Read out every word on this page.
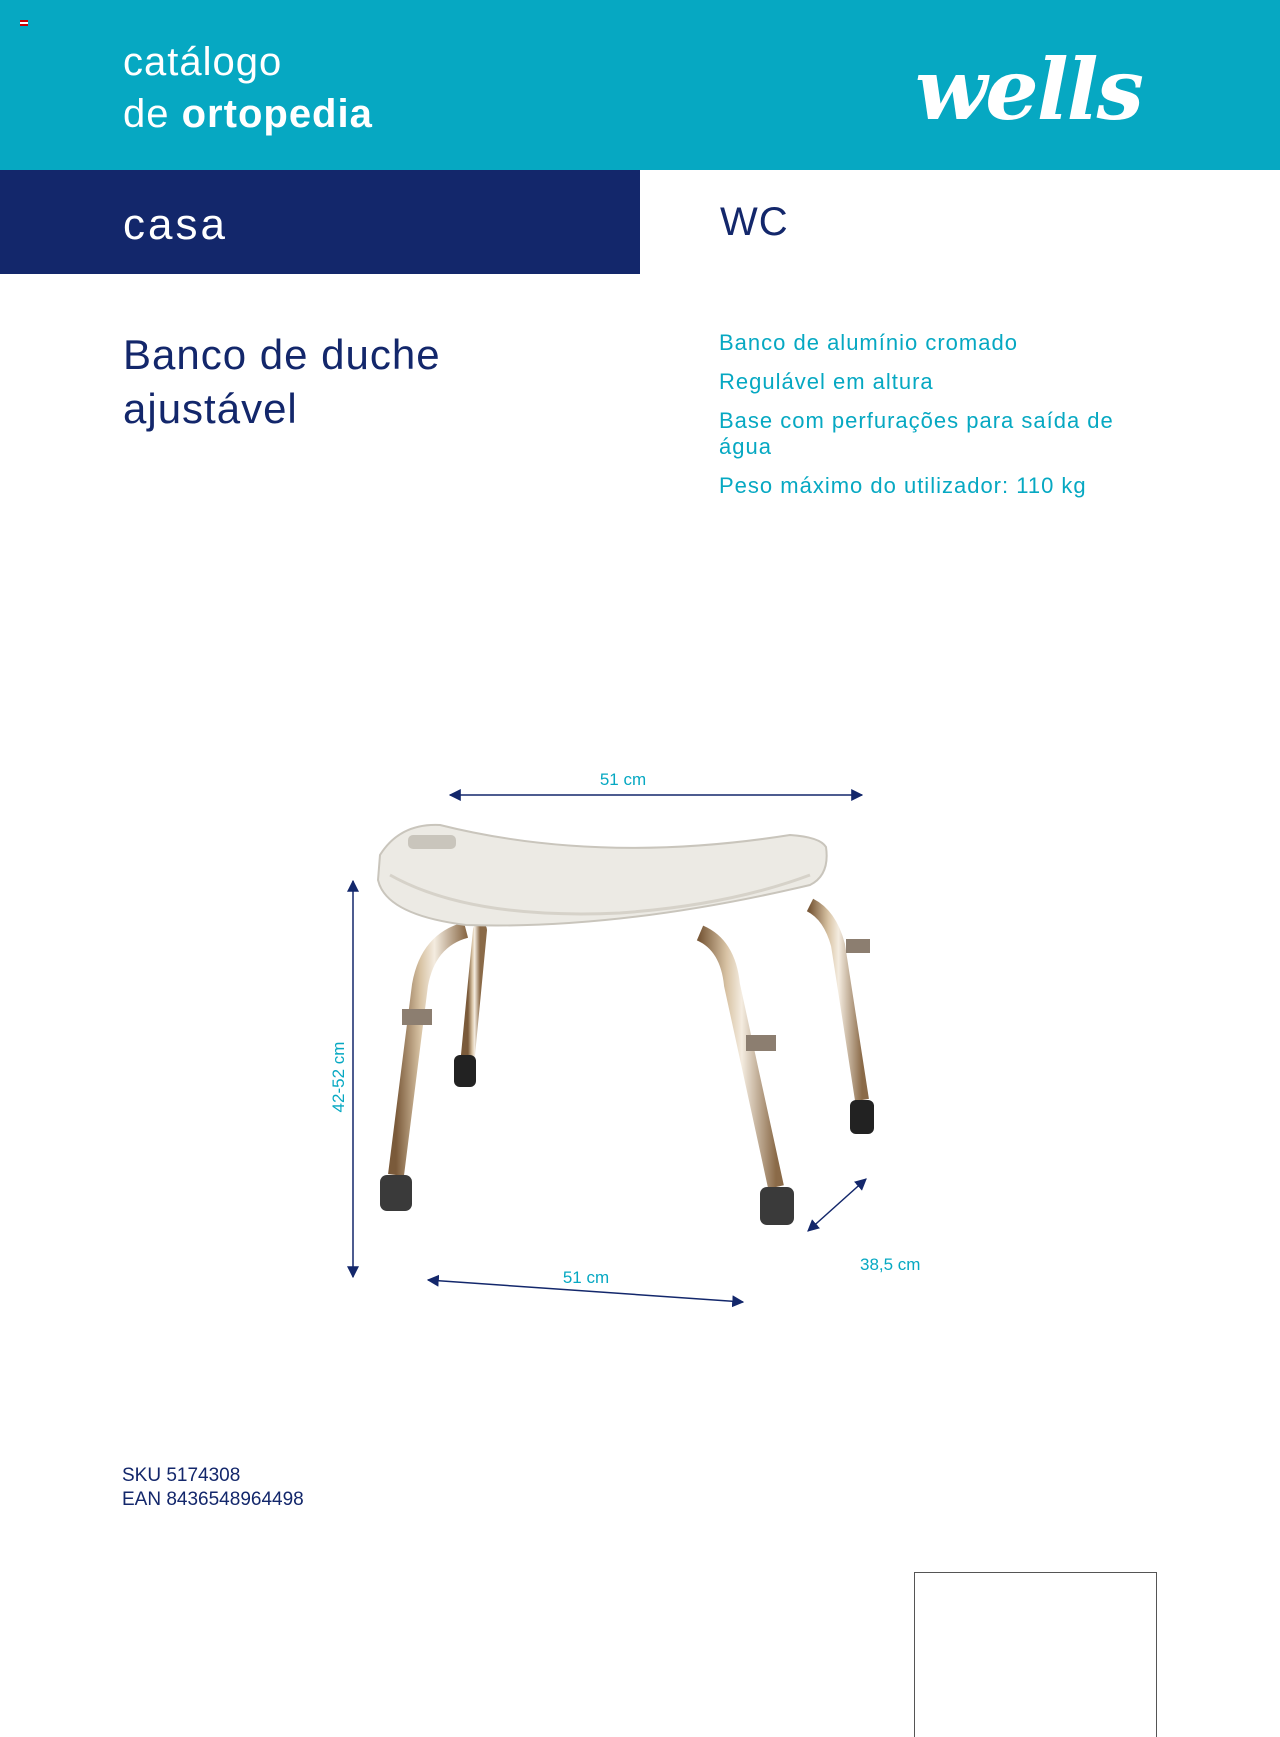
catálogo
de ortopedia	wells
casa	WC
Banco de duche
ajustável
Banco de alumínio cromado
Regulável em altura
Base com perfurações para saída de água
Peso máximo do utilizador: 110 kg
51 cm
42-52 cm
51 cm
38,5 cm
SKU 5174308
EAN 8436548964498
